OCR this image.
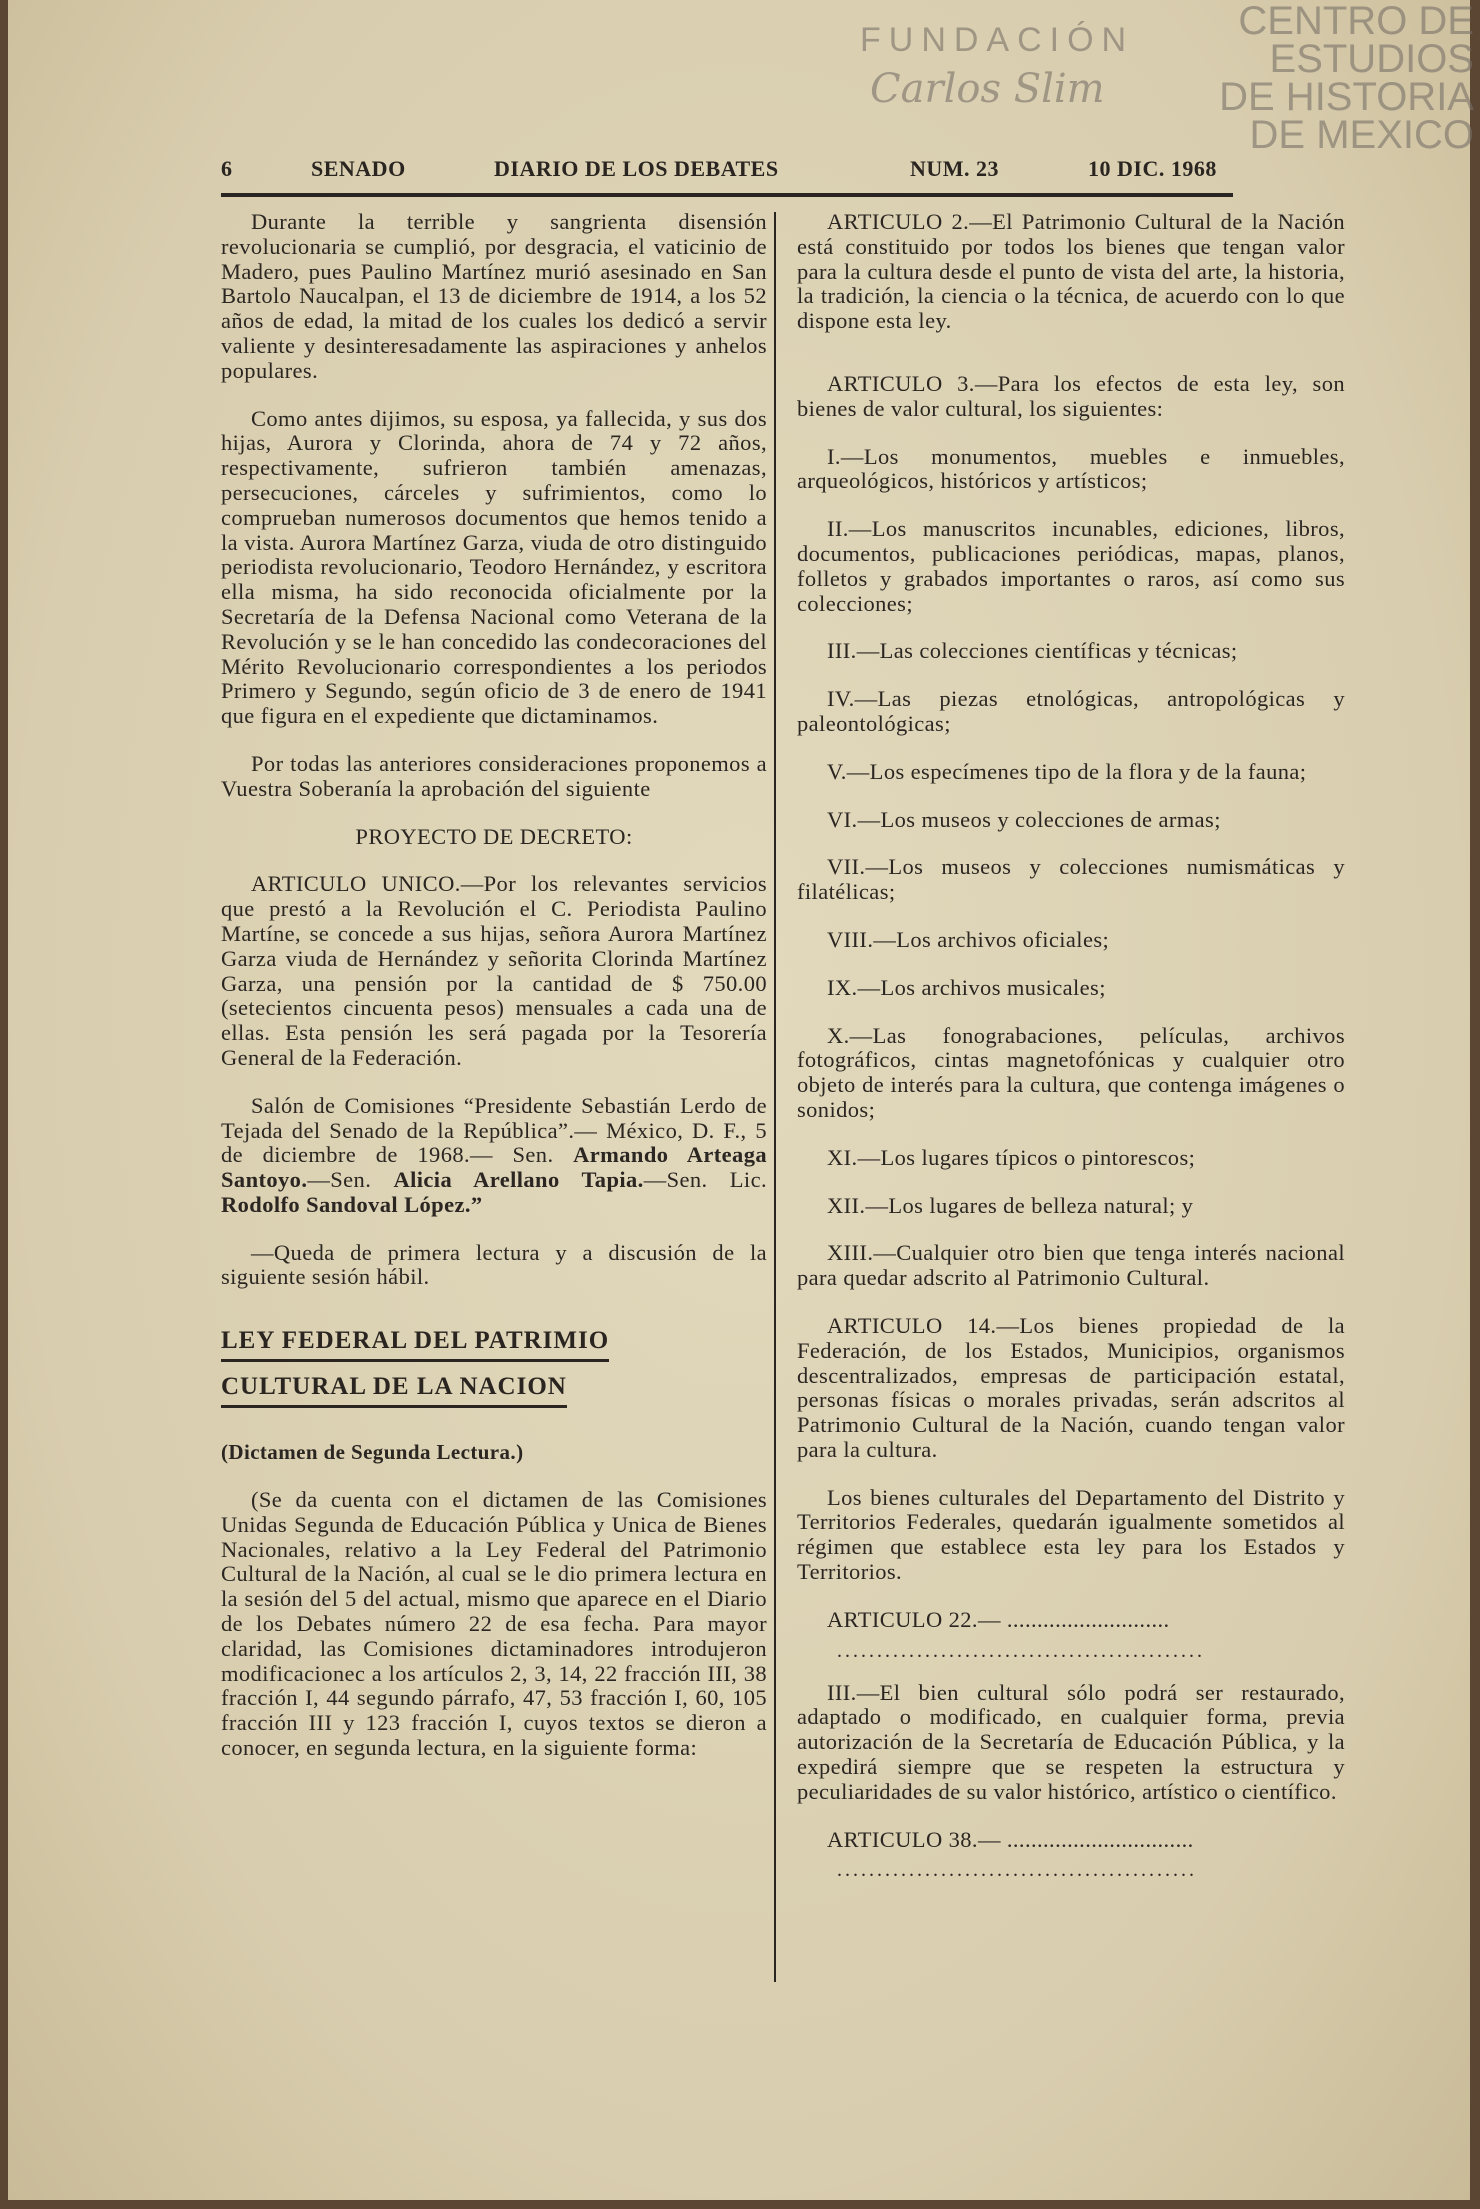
CENTRO DE
ESTUDIOS
DE HISTORIA
DE MEXICO
FUNDACIÓN
Carlos Slim
6	SENADO	DIARIO DE LOS DEBATES	NUM. 23	10 DIC. 1968

Durante la terrible y sangrienta disensión revolucionaria se cumplió, por desgracia, el vaticinio de Madero, pues Paulino Martínez murió asesinado en San Bartolo Naucalpan, el 13 de diciembre de 1914, a los 52 años de edad, la mitad de los cuales los dedicó a servir valiente y desinteresadamente las aspiraciones y anhelos populares.

Como antes dijimos, su esposa, ya fallecida, y sus dos hijas, Aurora y Clorinda, ahora de 74 y 72 años, respectivamente, sufrieron también amenazas, persecuciones, cárceles y sufrimientos, como lo comprueban numerosos documentos que hemos tenido a la vista. Aurora Martínez Garza, viuda de otro distinguido periodista revolucionario, Teodoro Hernández, y escritora ella misma, ha sido reconocida oficialmente por la Secretaría de la Defensa Nacional como Veterana de la Revolución y se le han concedido las condecoraciones del Mérito Revolucionario correspondientes a los periodos Primero y Segundo, según oficio de 3 de enero de 1941 que figura en el expediente que dictaminamos.

Por todas las anteriores consideraciones proponemos a Vuestra Soberanía la aprobación del siguiente

PROYECTO DE DECRETO:

ARTICULO UNICO.—Por los relevantes servicios que prestó a la Revolución el C. Periodista Paulino Martíne, se concede a sus hijas, señora Aurora Martínez Garza viuda de Hernández y señorita Clorinda Martínez Garza, una pensión por la cantidad de $ 750.00 (setecientos cincuenta pesos) mensuales a cada una de ellas. Esta pensión les será pagada por la Tesorería General de la Federación.

Salón de Comisiones “Presidente Sebastián Lerdo de Tejada del Senado de la República”.— México, D. F., 5 de diciembre de 1968.— Sen. Armando Arteaga Santoyo.—Sen. Alicia Arellano Tapia.—Sen. Lic. Rodolfo Sandoval López.”

—Queda de primera lectura y a discusión de la siguiente sesión hábil.

LEY FEDERAL DEL PATRIMIO
CULTURAL DE LA NACION

(Dictamen de Segunda Lectura.)

(Se da cuenta con el dictamen de las Comisiones Unidas Segunda de Educación Pública y Unica de Bienes Nacionales, relativo a la Ley Federal del Patrimonio Cultural de la Nación, al cual se le dio primera lectura en la sesión del 5 del actual, mismo que aparece en el Diario de los Debates número 22 de esa fecha. Para mayor claridad, las Comisiones dictaminadores introdujeron modificacionec a los artículos 2, 3, 14, 22 fracción III, 38 fracción I, 44 segundo párrafo, 47, 53 fracción I, 60, 105 fracción III y 123 fracción I, cuyos textos se dieron a conocer, en segunda lectura, en la siguiente forma:

ARTICULO 2.—El Patrimonio Cultural de la Nación está constituido por todos los bienes que tengan valor para la cultura desde el punto de vista del arte, la historia, la tradición, la ciencia o la técnica, de acuerdo con lo que dispone esta ley.

ARTICULO 3.—Para los efectos de esta ley, son bienes de valor cultural, los siguientes:

I.—Los monumentos, muebles e inmuebles, arqueológicos, históricos y artísticos;

II.—Los manuscritos incunables, ediciones, libros, documentos, publicaciones periódicas, mapas, planos, folletos y grabados importantes o raros, así como sus colecciones;

III.—Las colecciones científicas y técnicas;

IV.—Las piezas etnológicas, antropológicas y paleontológicas;

V.—Los especímenes tipo de la flora y de la fauna;

VI.—Los museos y colecciones de armas;

VII.—Los museos y colecciones numismáticas y filatélicas;

VIII.—Los archivos oficiales;

IX.—Los archivos musicales;

X.—Las fonograbaciones, películas, archivos fotográficos, cintas magnetofónicas y cualquier otro objeto de interés para la cultura, que contenga imágenes o sonidos;

XI.—Los lugares típicos o pintorescos;

XII.—Los lugares de belleza natural; y

XIII.—Cualquier otro bien que tenga interés nacional para quedar adscrito al Patrimonio Cultural.

ARTICULO 14.—Los bienes propiedad de la Federación, de los Estados, Municipios, organismos descentralizados, empresas de participación estatal, personas físicas o morales privadas, serán adscritos al Patrimonio Cultural de la Nación, cuando tengan valor para la cultura.

Los bienes culturales del Departamento del Distrito y Territorios Federales, quedarán igualmente sometidos al régimen que establece esta ley para los Estados y Territorios.

ARTICULO 22.— ...........................

..............................................

III.—El bien cultural sólo podrá ser restaurado, adaptado o modificado, en cualquier forma, previa autorización de la Secretaría de Educación Pública, y la expedirá siempre que se respeten la estructura y peculiaridades de su valor histórico, artístico o científico.

ARTICULO 38.— ...............................

.............................................
